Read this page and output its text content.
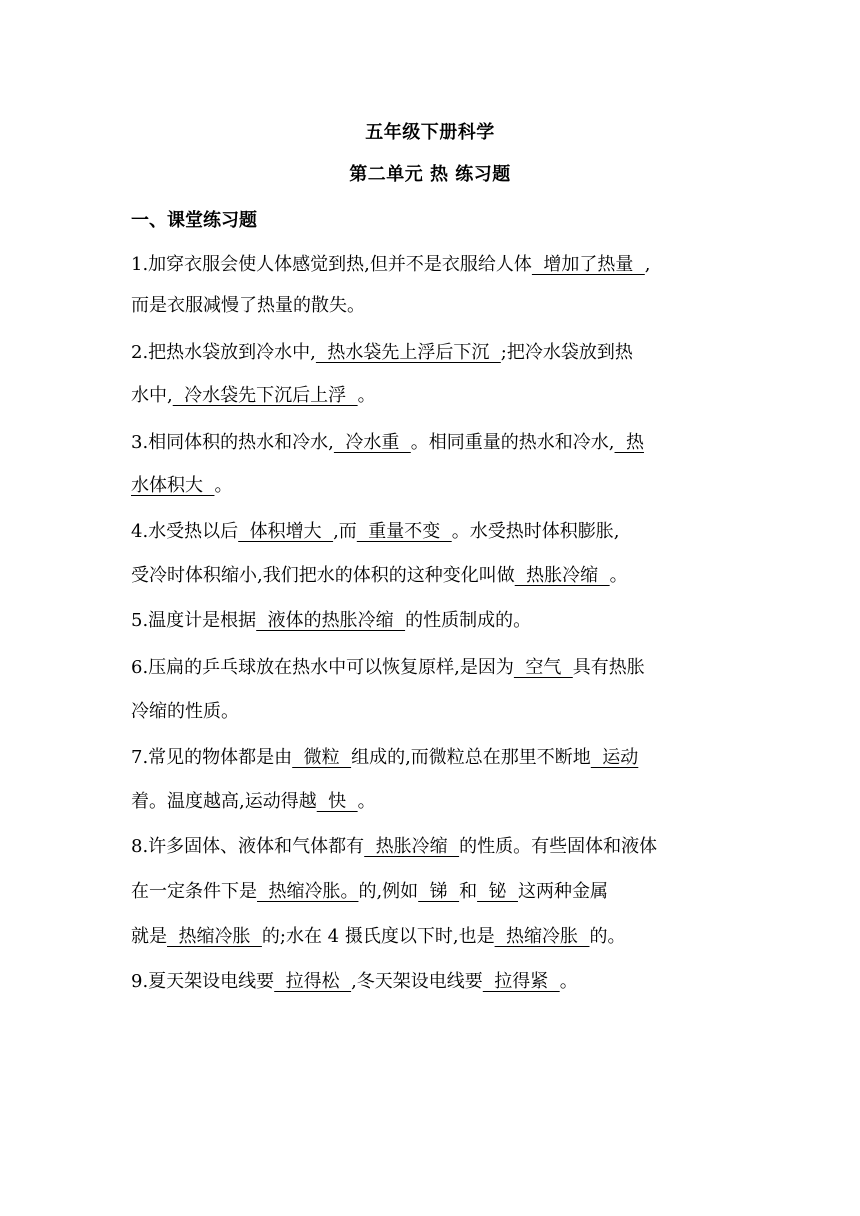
五年级下册科学
第二单元 热 练习题
一、课堂练习题
1.加穿衣服会使人体感觉到热,但并不是衣服给人体  增加了热量  ,
而是衣服减慢了热量的散失。
2.把热水袋放到冷水中,  热水袋先上浮后下沉  ;把冷水袋放到热
水中,  冷水袋先下沉后上浮  。
3.相同体积的热水和冷水,  冷水重  。相同重量的热水和冷水,  热
水体积大  。
4.水受热以后  体积增大  ,而  重量不变  。水受热时体积膨胀,
受冷时体积缩小,我们把水的体积的这种变化叫做  热胀冷缩  。
5.温度计是根据  液体的热胀冷缩  的性质制成的。
6.压扁的乒乓球放在热水中可以恢复原样,是因为  空气  具有热胀
冷缩的性质。
7.常见的物体都是由  微粒  组成的,而微粒总在那里不断地  运动
着。温度越高,运动得越  快  。
8.许多固体、液体和气体都有  热胀冷缩  的性质。有些固体和液体
在一定条件下是  热缩冷胀。的,例如  锑  和  铋  这两种金属
就是  热缩冷胀  的;水在 4 摄氏度以下时,也是  热缩冷胀  的。
9.夏天架设电线要  拉得松  ,冬天架设电线要  拉得紧  。
